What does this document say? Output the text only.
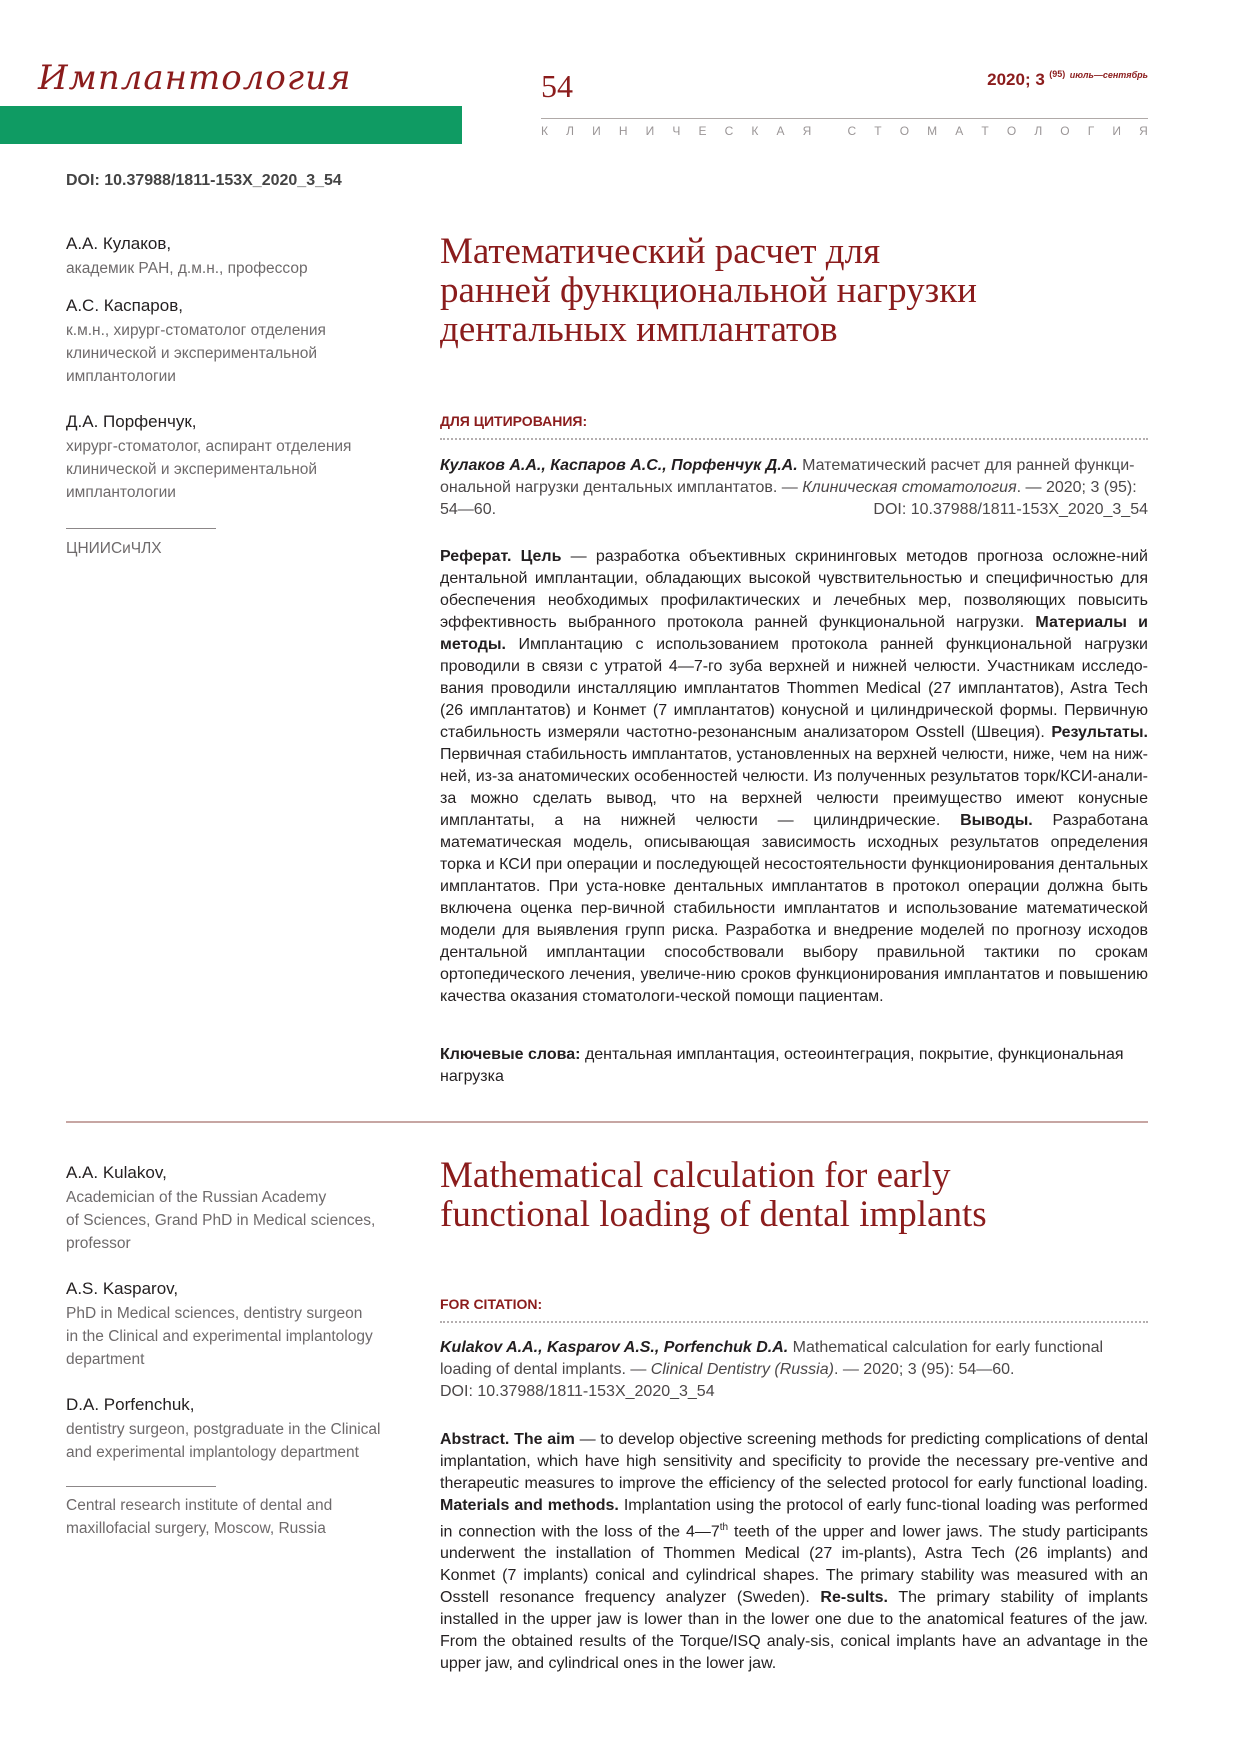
Имплантология	54	2020; 3 $^{(95)}$ $^{июль—сентябрь}$
К Л И Н И Ч Е С К А Я	С Т О М А Т О Л О Г И Я
DOI: 10.37988/1811-153X_2020_3_54
А.А. Кулаков,
академик РАН, д.м.н., профессор
А.С. Каспаров,
к.м.н., хирург-стоматолог отделения
клинической и экспериментальной
имплантологии
Д.А. Порфенчук,
хирург-стоматолог, аспирант отделения
клинической и экспериментальной
имплантологии
ЦНИИСиЧЛХ
Математический расчет для
ранней функциональной нагрузки
дентальных имплантатов
ДЛЯ ЦИТИРОВАНИЯ:
Кулаков А.А., Каспаров А.С., Порфенчук Д.А. Математический расчет для ранней функци-
ональной нагрузки дентальных имплантатов. — Клиническая стоматология. — 2020; 3 (95):
54—60.	DOI: 10.37988/1811-153X_2020_3_54
Реферат. Цель — разработка объективных скрининговых методов прогноза осложне-ний дентальной имплантации, обладающих высокой чувствительностью и специфичностью для обеспечения необходимых профилактических и лечебных мер, позволяющих повысить эффективность выбранного протокола ранней функциональной нагрузки. Материалы и методы. Имплантацию с использованием протокола ранней функциональной нагрузки проводили в связи с утратой 4—7-го зуба верхней и нижней челюсти. Участникам исследо-вания проводили инсталляцию имплантатов Thommen Medical (27 имплантатов), Astra Tech (26 имплантатов) и Конмет (7 имплантатов) конусной и цилиндрической формы. Первичную стабильность измеряли частотно-резонансным анализатором Osstell (Швеция). Результаты. Первичная стабильность имплантатов, установленных на верхней челюсти, ниже, чем на ниж-ней, из-за анатомических особенностей челюсти. Из полученных результатов торк/КСИ-анали-за можно сделать вывод, что на верхней челюсти преимущество имеют конусные имплантаты, а на нижней челюсти — цилиндрические. Выводы. Разработана математическая модель, описывающая зависимость исходных результатов определения торка и КСИ при операции и последующей несостоятельности функционирования дентальных имплантатов. При уста-новке дентальных имплантатов в протокол операции должна быть включена оценка пер-вичной стабильности имплантатов и использование математической модели для выявления групп риска. Разработка и внедрение моделей по прогнозу исходов дентальной имплантации способствовали выбору правильной тактики по срокам ортопедического лечения, увеличе-нию сроков функционирования имплантатов и повышению качества оказания стоматологи-ческой помощи пациентам.
Ключевые слова: дентальная имплантация, остеоинтеграция, покрытие, функциональная нагрузка
A.A. Kulakov,
Academician of the Russian Academy
of Sciences, Grand PhD in Medical sciences,
professor
A.S. Kasparov,
PhD in Medical sciences, dentistry surgeon
in the Clinical and experimental implantology
department
D.A. Porfenchuk,
dentistry surgeon, postgraduate in the Clinical
and experimental implantology department
Central research institute of dental and
maxillofacial surgery, Moscow, Russia
Mathematical calculation for early
functional loading of dental implants
FOR CITATION:
Kulakov A.A., Kasparov A.S., Porfenchuk D.A. Mathematical calculation for early functional
loading of dental implants. — Clinical Dentistry (Russia). — 2020; 3 (95): 54—60.
DOI: 10.37988/1811-153X_2020_3_54
Abstract. The aim — to develop objective screening methods for predicting complications of dental implantation, which have high sensitivity and specificity to provide the necessary pre-ventive and therapeutic measures to improve the efficiency of the selected protocol for early functional loading. Materials and methods. Implantation using the protocol of early func-tional loading was performed in connection with the loss of the 4—7th teeth of the upper and lower jaws. The study participants underwent the installation of Thommen Medical (27 im-plants), Astra Tech (26 implants) and Konmet (7 implants) conical and cylindrical shapes. The primary stability was measured with an Osstell resonance frequency analyzer (Sweden). Re-sults. The primary stability of implants installed in the upper jaw is lower than in the lower one due to the anatomical features of the jaw. From the obtained results of the Torque/ISQ analy-sis, conical implants have an advantage in the upper jaw, and cylindrical ones in the lower jaw.
